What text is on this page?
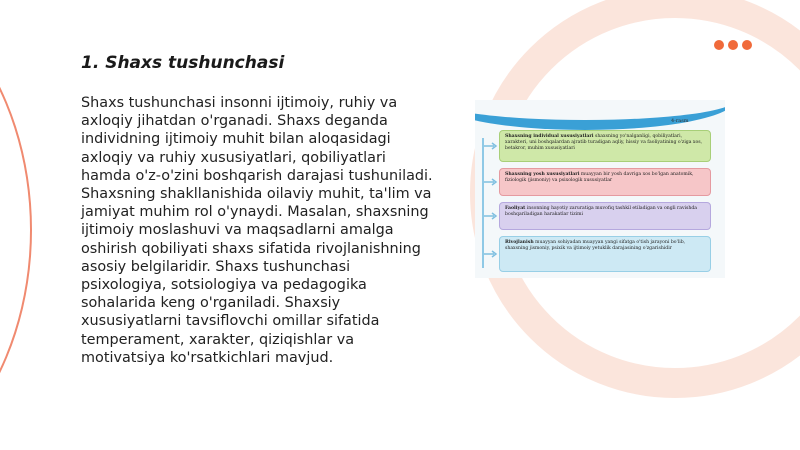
1. Shaxs tushunchasi
Shaxs tushunchasi insonni ijtimoiy, ruhiy va axloqiy jihatdan o'rganadi. Shaxs deganda individning ijtimoiy muhit bilan aloqasidagi axloqiy va ruhiy xususiyatlari, qobiliyatlari hamda o'z-o'zini boshqarish darajasi tushuniladi. Shaxsning shakllanishida oilaviy muhit, ta'lim va jamiyat muhim rol o'ynaydi. Masalan, shaxsning ijtimoiy moslashuvi va maqsadlarni amalga oshirish qobiliyati shaxs sifatida rivojlanishning asosiy belgilaridir. Shaxs tushunchasi psixologiya, sotsiologiya va pedagogika sohalarida keng o'rganiladi. Shaxsiy xususiyatlarni tavsiflovchi omillar sifatida temperament, xarakter, qiziqishlar va motivatsiya ko'rsatkichlari mavjud.
4-rasm
Shaxsning individual xususiyatlari shaxsning yo'nalganligi, qobiliyatlari, xarakteri, uni boshqalardan ajratib turadigan aqliy, hissiy va faoliyatining o'ziga xos, betakror, muhim xususiyatlari
Shaxsning yosh xususiyatlari muayyan bir yosh davriga xos bo'lgan anatomik, fiziologik (jismoniy) va psixologik xususiyatlar
Faoliyat insonning hayotiy zaruratiga muvofiq tashkil etiladigan va ongli ravishda boshqariladigan harakatlar tizimi
Rivojlanish muayyan sohiyadan muayyan yangi sifatga o'tish jarayoni bo'lib, shaxsning jismoniy, psixik va ijtimoiy yetuklik darajasining o'zgarishidir
